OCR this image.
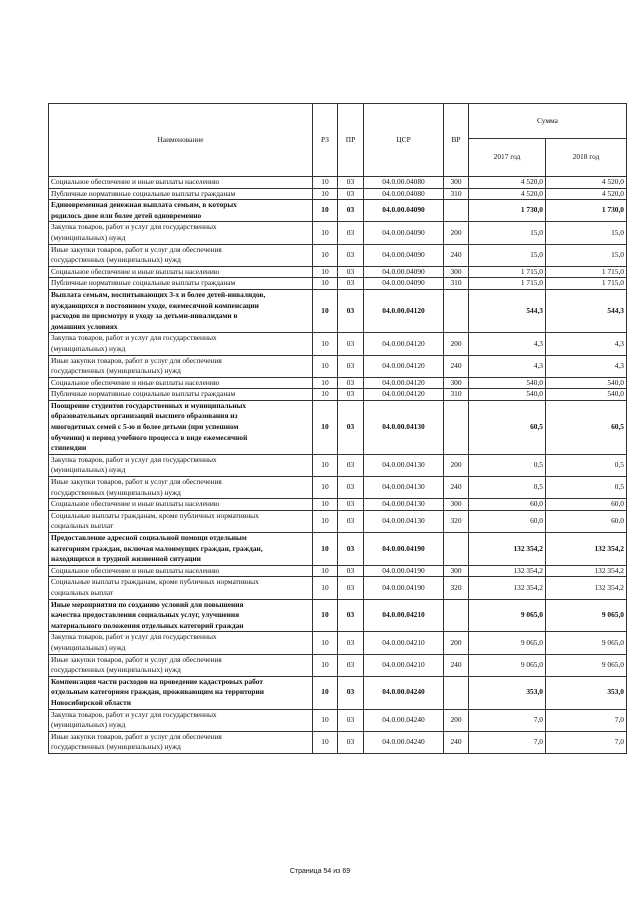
Наименование	РЗ	ПР	ЦСР	ВР	Сумма	
					2017 год	2018 год
Социальное обеспечение и иные выплаты населению	10	03	04.0.00.04080	300	4 520,0	4 520,0
Публичные нормативные социальные выплаты гражданам	10	03	04.0.00.04080	310	4 520,0	4 520,0
Единовременная денежная выплата семьям, в которых
родилось двое или более детей одновременно	10	03	04.0.00.04090		1 730,0	1 730,0
Закупка товаров, работ и услуг для государственных
(муниципальных) нужд	10	03	04.0.00.04090	200	15,0	15,0
Иные закупки товаров, работ и услуг для обеспечения
государственных (муниципальных) нужд	10	03	04.0.00.04090	240	15,0	15,0
Социальное обеспечение и иные выплаты населению	10	03	04.0.00.04090	300	1 715,0	1 715,0
Публичные нормативные социальные выплаты гражданам	10	03	04.0.00.04090	310	1 715,0	1 715,0
Выплата семьям, воспитывающих 3-х и более детей-инвалидов,
нуждающихся в постоянном уходе, ежемесячной компенсации
расходов по присмотру и уходу за детьми-инвалидами в
домашних условиях	10	03	04.0.00.04120		544,3	544,3
Закупка товаров, работ и услуг для государственных
(муниципальных) нужд	10	03	04.0.00.04120	200	4,3	4,3
Иные закупки товаров, работ и услуг для обеспечения
государственных (муниципальных) нужд	10	03	04.0.00.04120	240	4,3	4,3
Социальное обеспечение и иные выплаты населению	10	03	04.0.00.04120	300	540,0	540,0
Публичные нормативные социальные выплаты гражданам	10	03	04.0.00.04120	310	540,0	540,0
Поощрение студентов государственных и муниципальных
образовательных организаций высшего образования из
многодетных семей с 5-ю и более детьми (при успешном
обучении) в период учебного процесса в виде ежемесячной
стипендии	10	03	04.0.00.04130		60,5	60,5
Закупка товаров, работ и услуг для государственных
(муниципальных) нужд	10	03	04.0.00.04130	200	0,5	0,5
Иные закупки товаров, работ и услуг для обеспечения
государственных (муниципальных) нужд	10	03	04.0.00.04130	240	0,5	0,5
Социальное обеспечение и иные выплаты населению	10	03	04.0.00.04130	300	60,0	60,0
Социальные выплаты гражданам, кроме публичных нормативных
социальных выплат	10	03	04.0.00.04130	320	60,0	60,0
Предоставление адресной социальной помощи отдельным
категориям граждан, включая малоимущих граждан, граждан,
находящихся в трудной жизненной ситуации	10	03	04.0.00.04190		132 354,2	132 354,2
Социальное обеспечение и иные выплаты населению	10	03	04.0.00.04190	300	132 354,2	132 354,2
Социальные выплаты гражданам, кроме публичных нормативных
социальных выплат	10	03	04.0.00.04190	320	132 354,2	132 354,2
Иные мероприятия по созданию условий для повышения
качества предоставления социальных услуг, улучшения
материального положения отдельных категорий граждан	10	03	04.0.00.04210		9 065,0	9 065,0
Закупка товаров, работ и услуг для государственных
(муниципальных) нужд	10	03	04.0.00.04210	200	9 065,0	9 065,0
Иные закупки товаров, работ и услуг для обеспечения
государственных (муниципальных) нужд	10	03	04.0.00.04210	240	9 065,0	9 065,0
Компенсация части расходов на проведение кадастровых работ
отдельным категориям граждан, проживающим на территории
Новосибирской области	10	03	04.0.00.04240		353,0	353,0
Закупка товаров, работ и услуг для государственных
(муниципальных) нужд	10	03	04.0.00.04240	200	7,0	7,0
Иные закупки товаров, работ и услуг для обеспечения
государственных (муниципальных) нужд	10	03	04.0.00.04240	240	7,0	7,0
Страница 54 из 69
